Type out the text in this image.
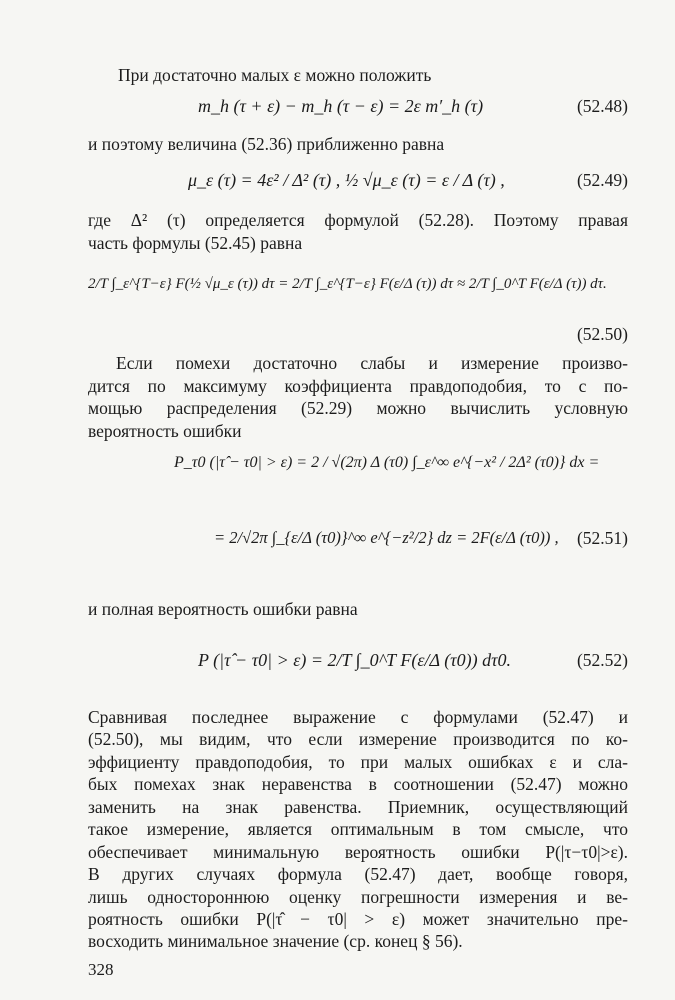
При достаточно малых ε можно положить
m_h (τ + ε) − m_h (τ − ε) = 2ε m′_h (τ)	(52.48)
и поэтому величина (52.36) приближенно равна
μ_ε (τ) = 4ε² / Δ² (τ) , ½ √μ_ε (τ) = ε / Δ (τ) ,	(52.49)
где Δ² (τ) определяется формулой (52.28). Поэтому правая
часть формулы (52.45) равна
2/T ∫_ε^{T−ε} F(½ √μ_ε (τ)) dτ = 2/T ∫_ε^{T−ε} F(ε/Δ (τ)) dτ ≈ 2/T ∫_0^T F(ε/Δ (τ)) dτ.
(52.50)
Если помехи достаточно слабы и измерение произво-
дится по максимуму коэффициента правдоподобия, то с по-
мощью распределения (52.29) можно вычислить условную
вероятность ошибки
P_τ0 (|τ̂ − τ0| > ε) = 2 / √(2π) Δ (τ0) ∫_ε^∞ e^{−x² / 2Δ² (τ0)} dx =
= 2/√2π ∫_{ε/Δ (τ0)}^∞ e^{−z²/2} dz = 2F(ε/Δ (τ0)) , (52.51)
и полная вероятность ошибки равна
P (|τ̂ − τ0| > ε) = 2/T ∫_0^T F(ε/Δ (τ0)) dτ0.	(52.52)
Сравнивая последнее выражение с формулами (52.47) и
(52.50), мы видим, что если измерение производится по ко-
эффициенту правдоподобия, то при малых ошибках ε и сла-
бых помехах знак неравенства в соотношении (52.47) можно
заменить на знак равенства. Приемник, осуществляющий
такое измерение, является оптимальным в том смысле, что
обеспечивает минимальную вероятность ошибки P(|τ−τ0|>ε).
В других случаях формула (52.47) дает, вообще говоря,
лишь одностороннюю оценку погрешности измерения и ве-
роятность ошибки P(|τ̂ − τ0| > ε) может значительно пре-
восходить минимальное значение (ср. конец § 56).
328
